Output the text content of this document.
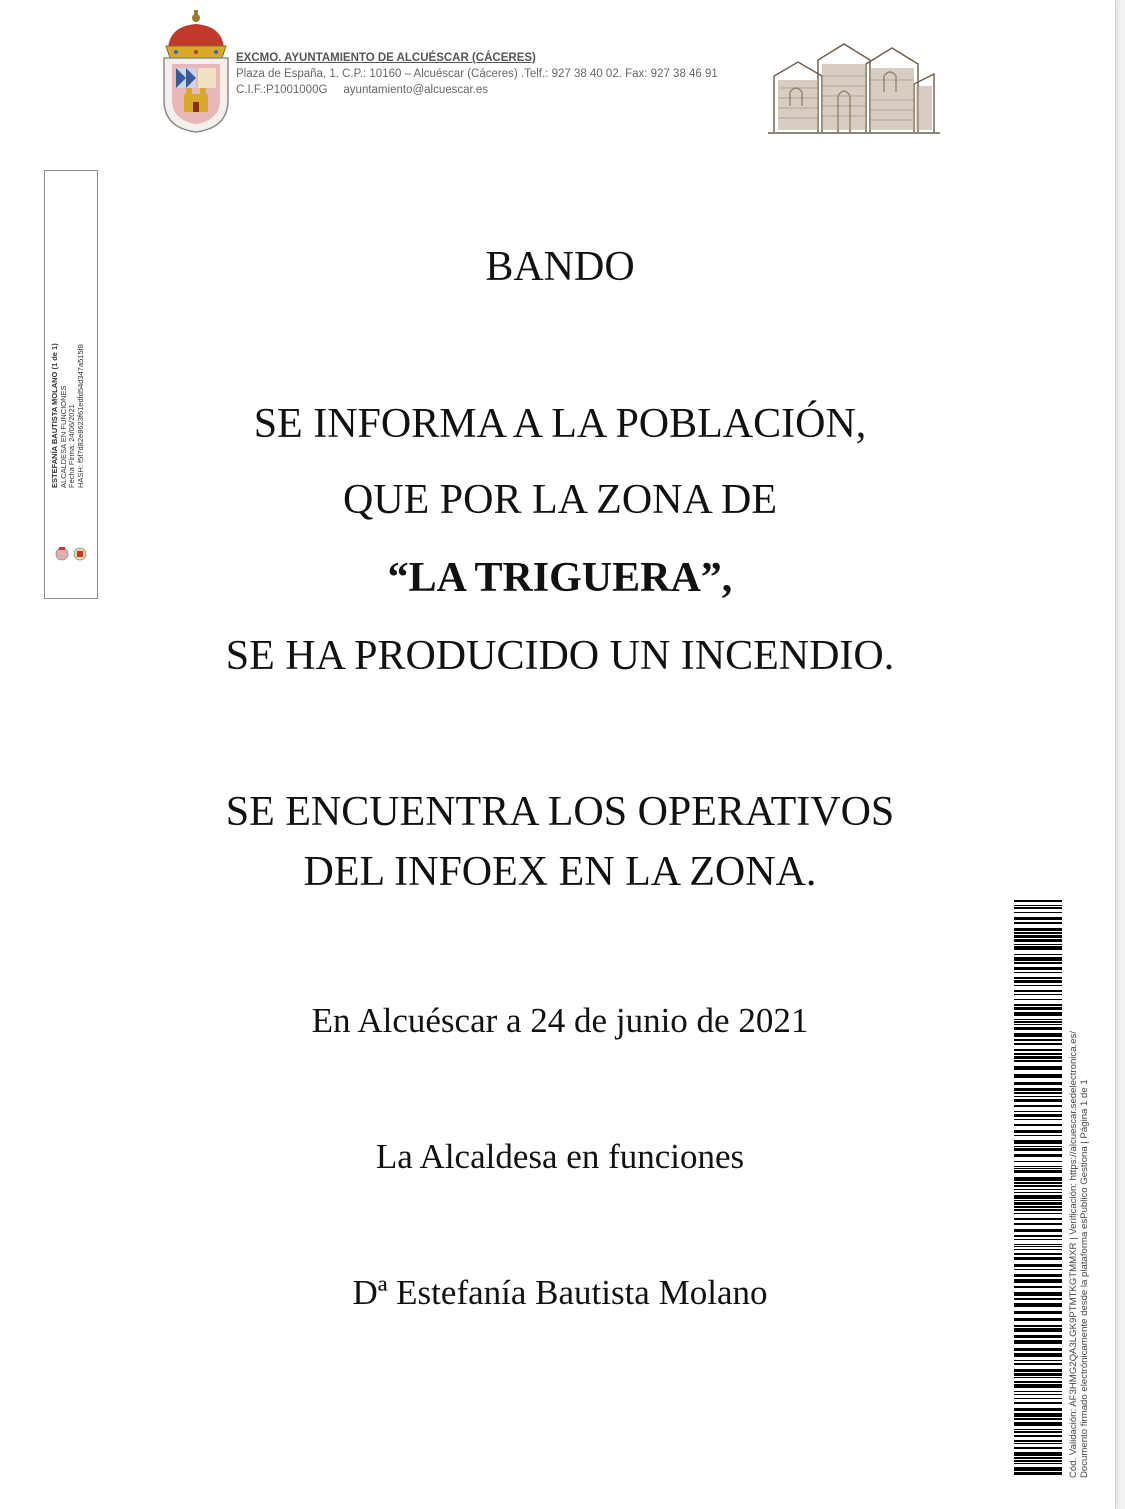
EXCMO. AYUNTAMIENTO DE ALCUÉSCAR (CÁCERES)
Plaza de España, 1. C.P.: 10160 – Alcuéscar (Cáceres) .Telf.: 927 38 40 02. Fax: 927 38 46 91
C.I.F.:P1001000G ayuntamiento@alcuescar.es
ESTEFANÍA BAUTISTA MOLANO (1 de 1) ALCALDESA EN FUNCIONES Fecha Firma: 24/06/2021 HASH: f5f7d82e8623f61edfd54d347a515f8
BANDO
SE INFORMA A LA POBLACIÓN,
QUE POR LA ZONA DE
“LA TRIGUERA”,
SE HA PRODUCIDO UN INCENDIO.
SE ENCUENTRA LOS OPERATIVOS
DEL INFOEX EN LA ZONA.
En Alcuéscar a 24 de junio de 2021
La Alcaldesa en funciones
Dª Estefanía Bautista Molano	Cód. Validación: AF3HMG2QA3LGK9PTMTKGTMMXR | Verificación: https://alcuescar.sedelectronica.es/ Documento firmado electrónicamente desde la plataforma esPublico Gestiona | Página 1 de 1
